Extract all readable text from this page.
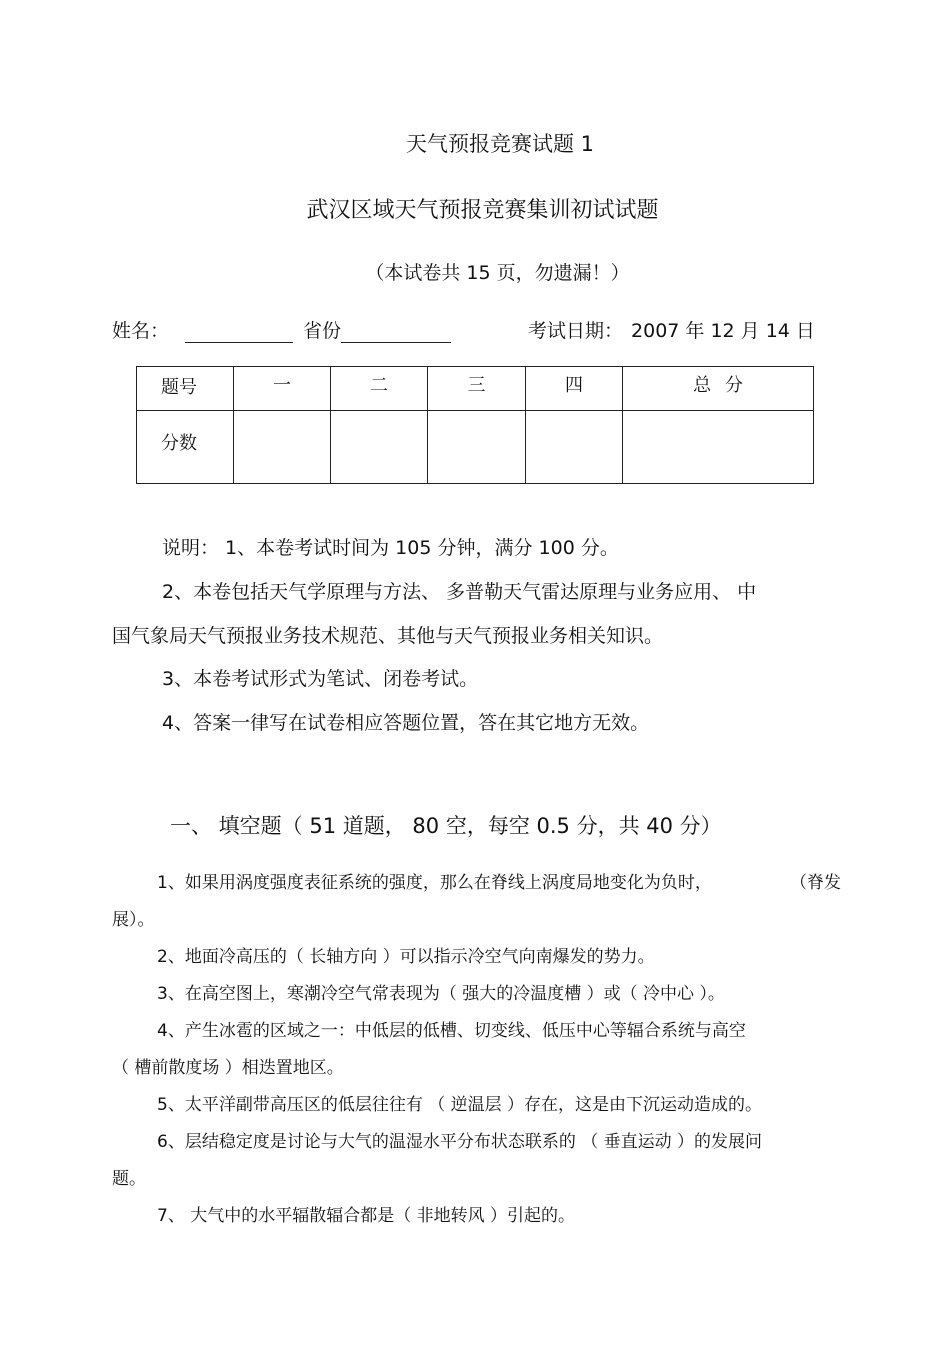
天气预报竞赛试题 1
武汉区域天气预报竞赛集训初试试题
（本试卷共 15 页，勿遗漏！）
姓名：	省份	考试日期： 2007 年 12 月 14 日
题号	一	二	三	四	总 分

分数					

说明： 1、本卷考试时间为 105 分钟，满分 100 分。
2、本卷包括天气学原理与方法、 多普勒天气雷达原理与业务应用、 中
国气象局天气预报业务技术规范、其他与天气预报业务相关知识。
3、本卷考试形式为笔试、闭卷考试。
4、答案一律写在试卷相应答题位置，答在其它地方无效。
一、 填空题（ 51 道题， 80 空，每空 0.5 分，共 40 分）
1、如果用涡度强度表征系统的强度，那么在脊线上涡度局地变化为负时，	（脊发
展）。
2、地面冷高压的（ 长轴方向 ）可以指示冷空气向南爆发的势力。
3、在高空图上，寒潮冷空气常表现为（ 强大的冷温度槽 ）或（ 冷中心 ）。
4、产生冰雹的区域之一：中低层的低槽、切变线、低压中心等辐合系统与高空
（ 槽前散度场 ）相迭置地区。
5、太平洋副带高压区的低层往往有 （ 逆温层 ）存在，这是由下沉运动造成的。
6、层结稳定度是讨论与大气的温湿水平分布状态联系的 （ 垂直运动 ）的发展问
题。
7、 大气中的水平辐散辐合都是（ 非地转风 ）引起的。
